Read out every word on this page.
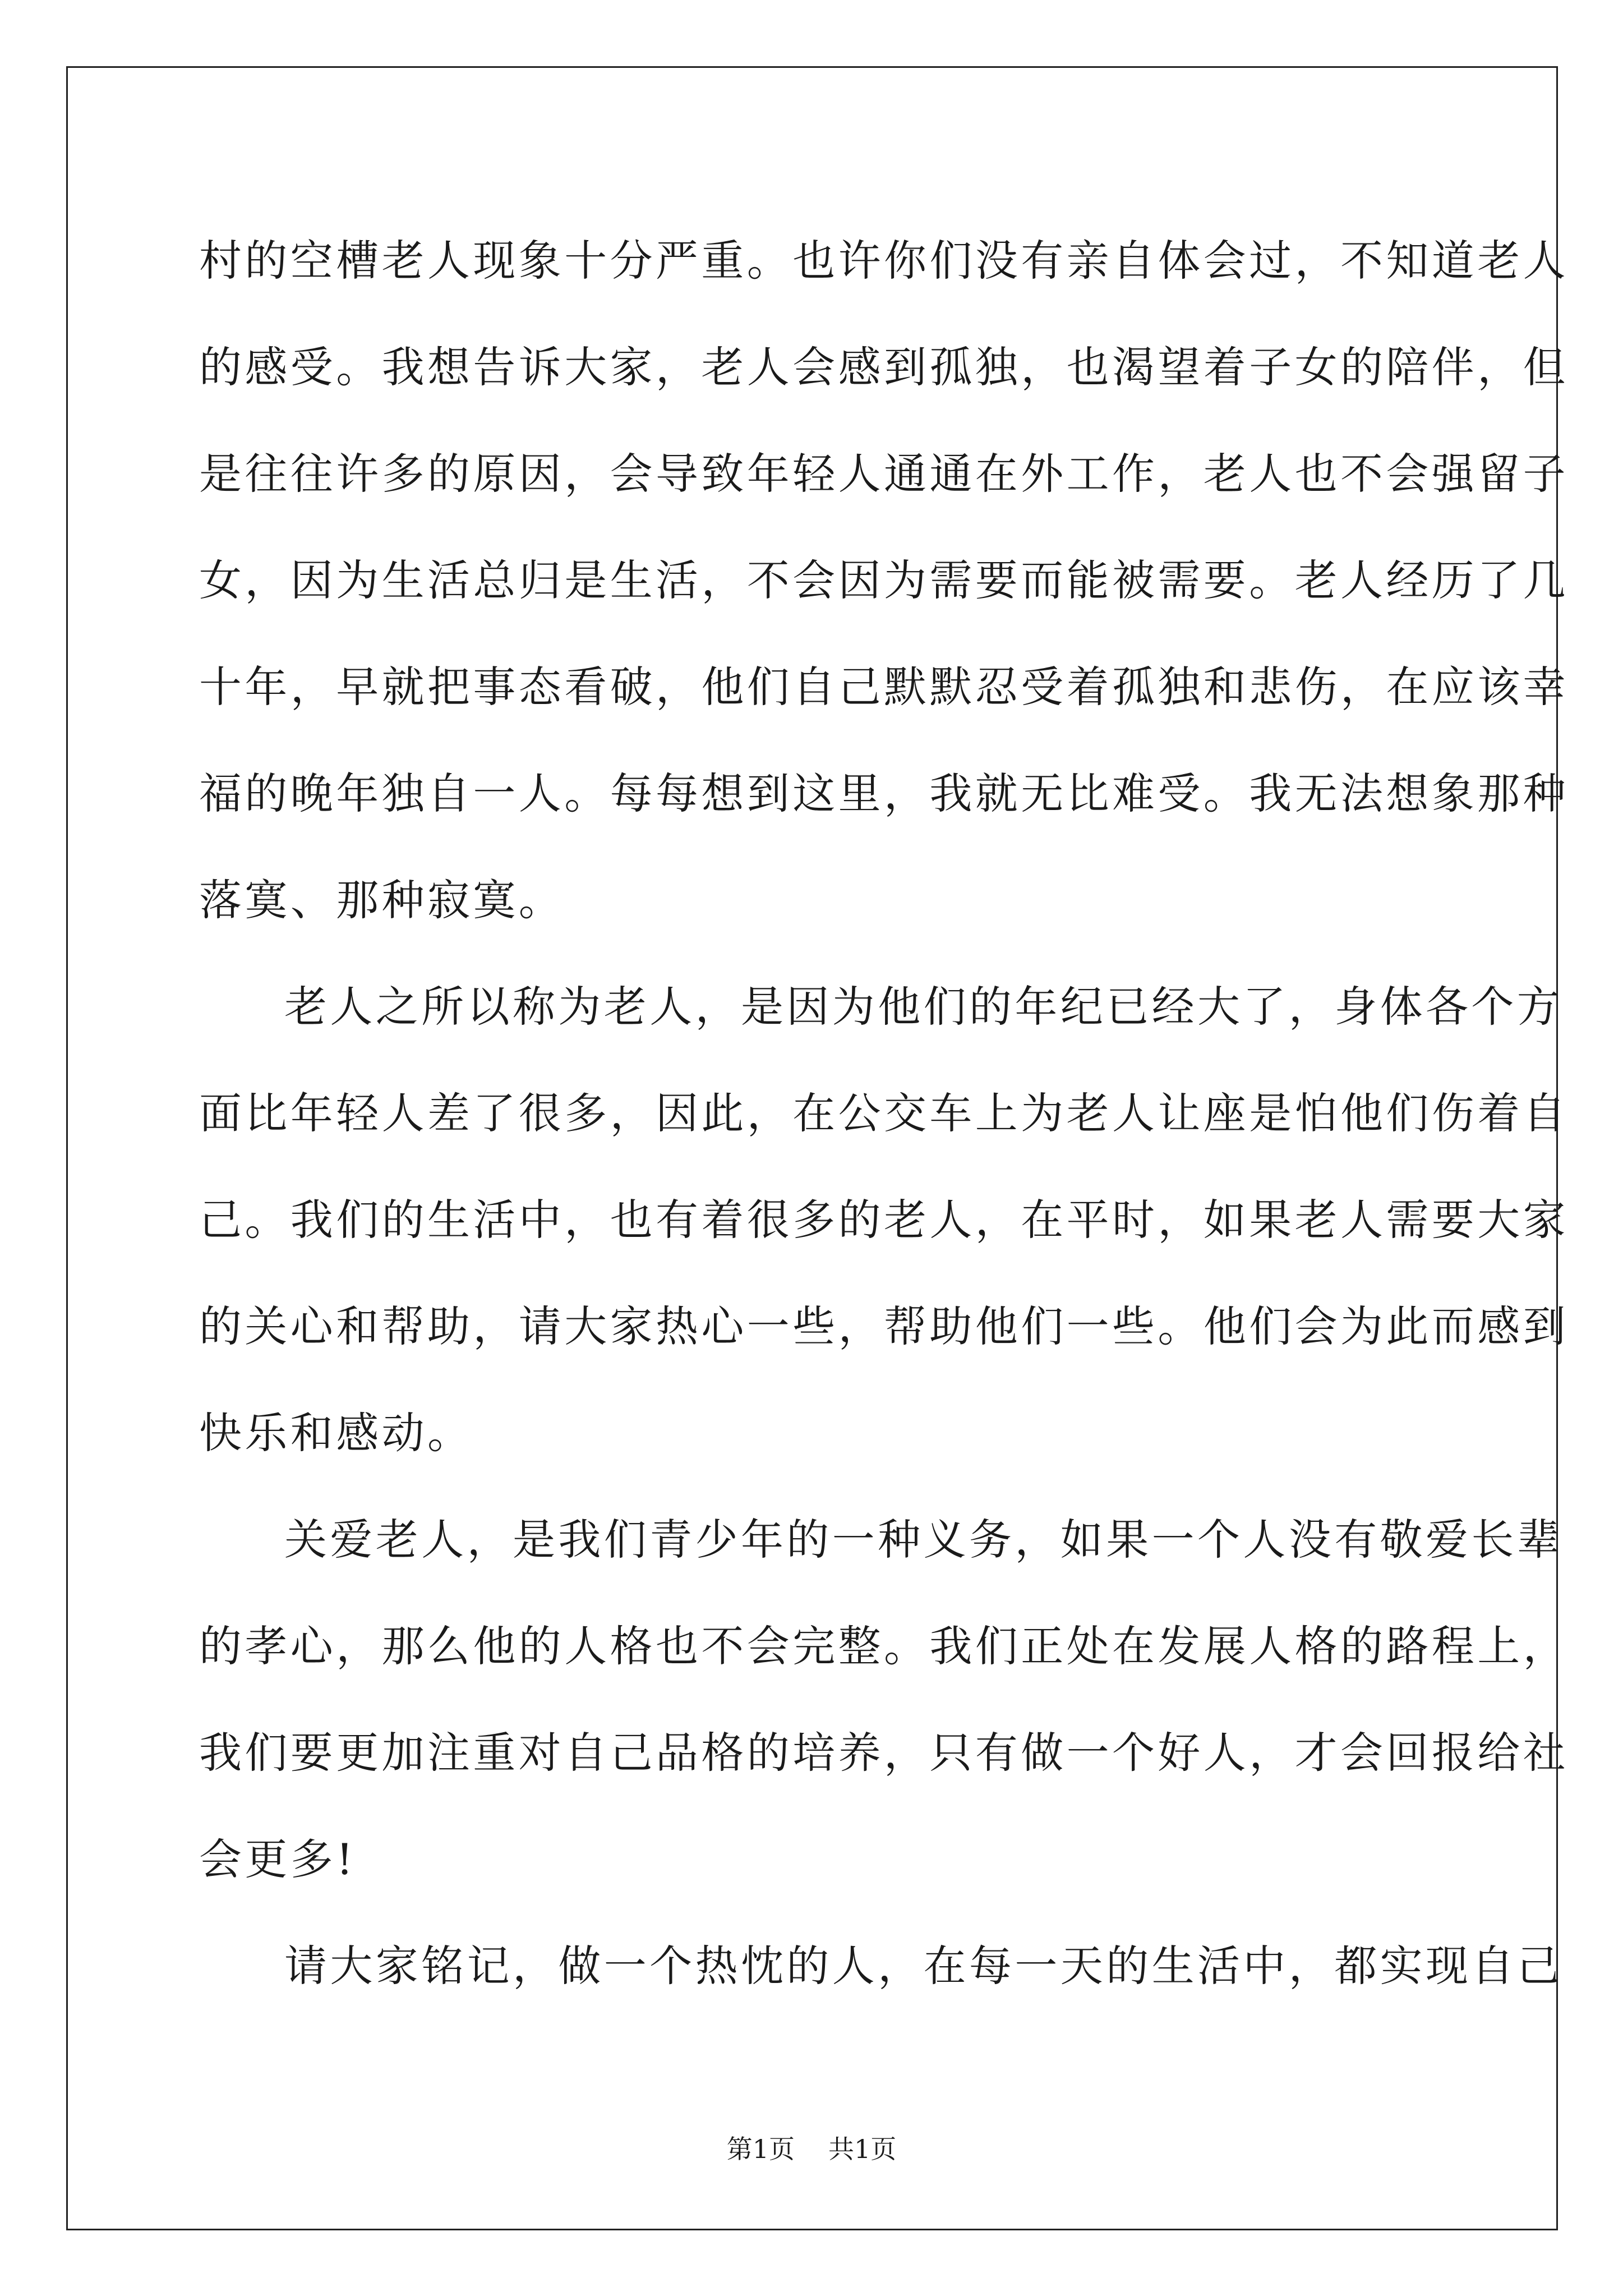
村的空槽老人现象十分严重。也许你们没有亲自体会过，不知道老人
的感受。我想告诉大家，老人会感到孤独，也渴望着子女的陪伴，但
是往往许多的原因，会导致年轻人通通在外工作，老人也不会强留子
女，因为生活总归是生活，不会因为需要而能被需要。老人经历了几
十年，早就把事态看破，他们自己默默忍受着孤独和悲伤，在应该幸
福的晚年独自一人。每每想到这里，我就无比难受。我无法想象那种
落寞、那种寂寞。
老人之所以称为老人，是因为他们的年纪已经大了，身体各个方
面比年轻人差了很多，因此，在公交车上为老人让座是怕他们伤着自
己。我们的生活中，也有着很多的老人，在平时，如果老人需要大家
的关心和帮助，请大家热心一些，帮助他们一些。他们会为此而感到
快乐和感动。
关爱老人，是我们青少年的一种义务，如果一个人没有敬爱长辈
的孝心，那么他的人格也不会完整。我们正处在发展人格的路程上，
我们要更加注重对自己品格的培养，只有做一个好人，才会回报给社
会更多!
请大家铭记，做一个热忱的人，在每一天的生活中，都实现自己
第1页 共1页
